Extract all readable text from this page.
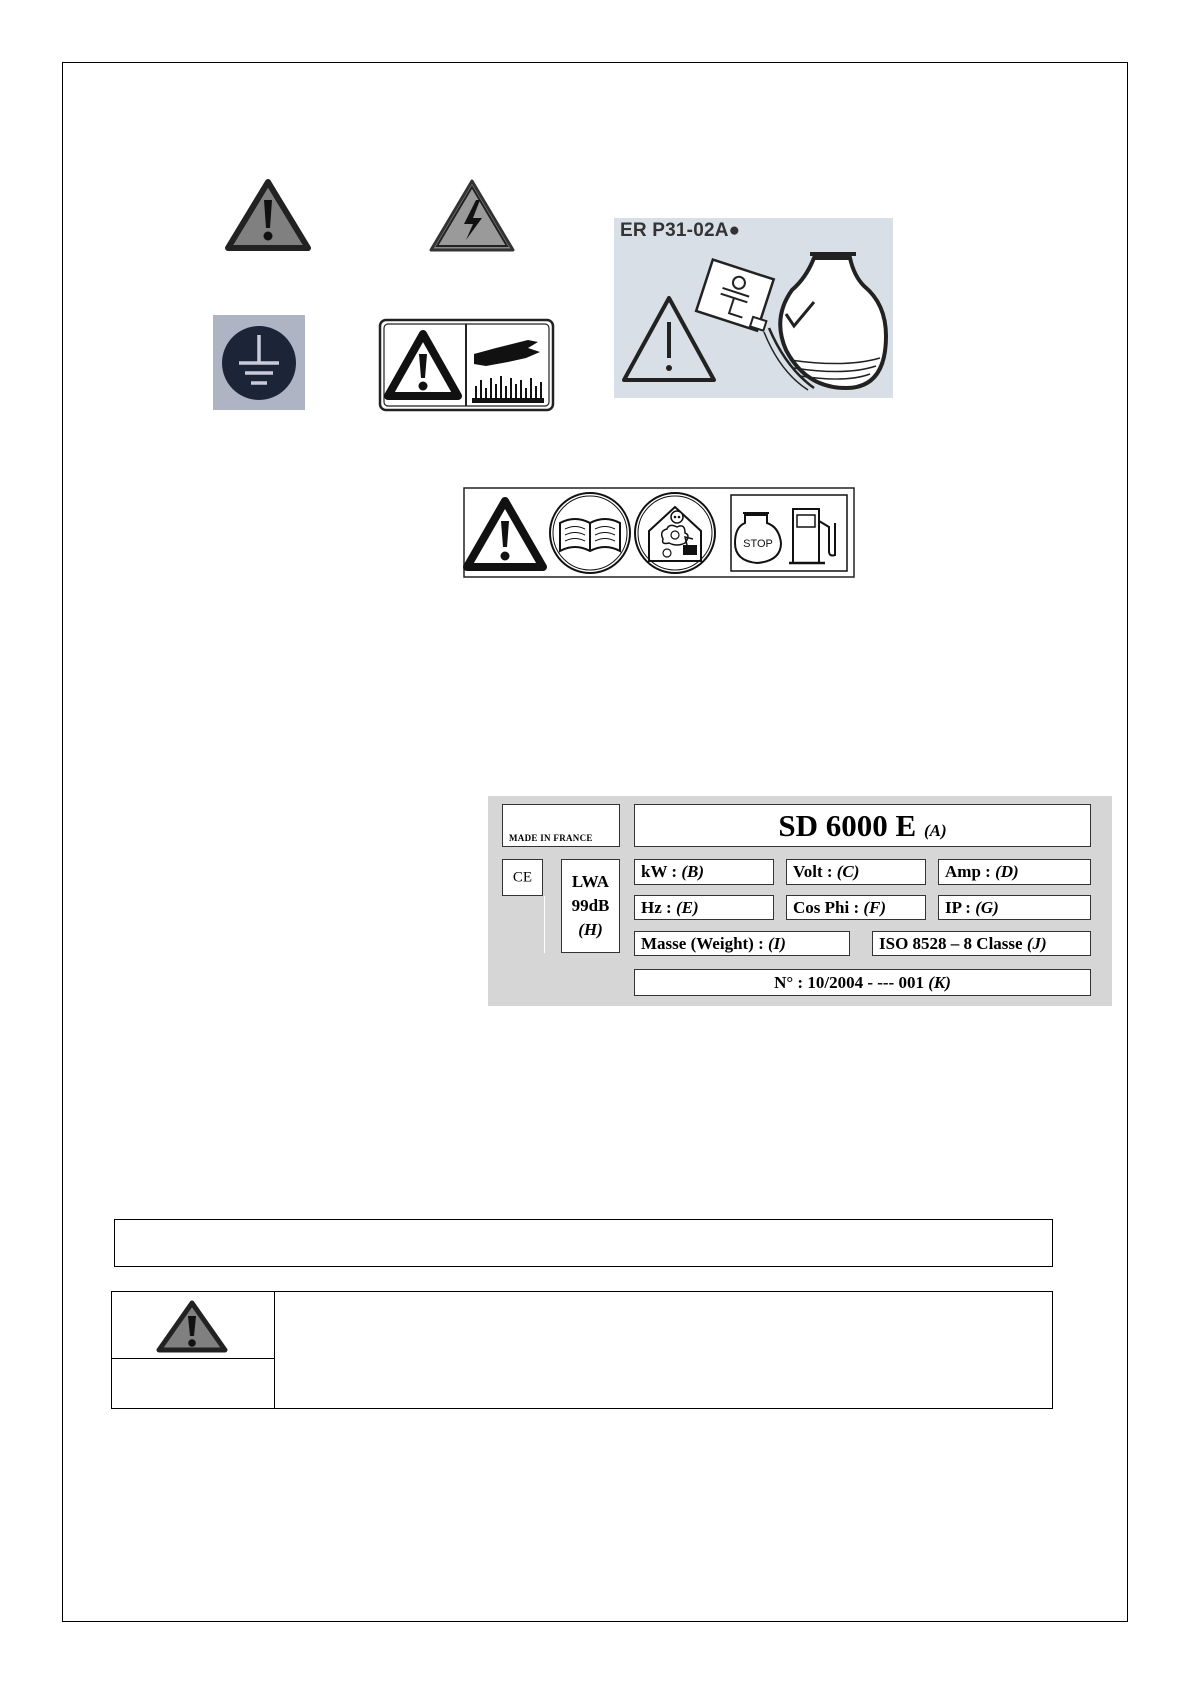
ER P31-02A●
STOP
MADE IN FRANCE	SD 6000 E (A)
CE	LWA
99dB
(H)
kW : (B)	Volt : (C)	Amp : (D)
Hz : (E)	Cos Phi : (F)	IP : (G)
Masse (Weight) : (I)	ISO 8528 – 8 Classe (J)
N° : 10/2004 - --- 001 (K)
